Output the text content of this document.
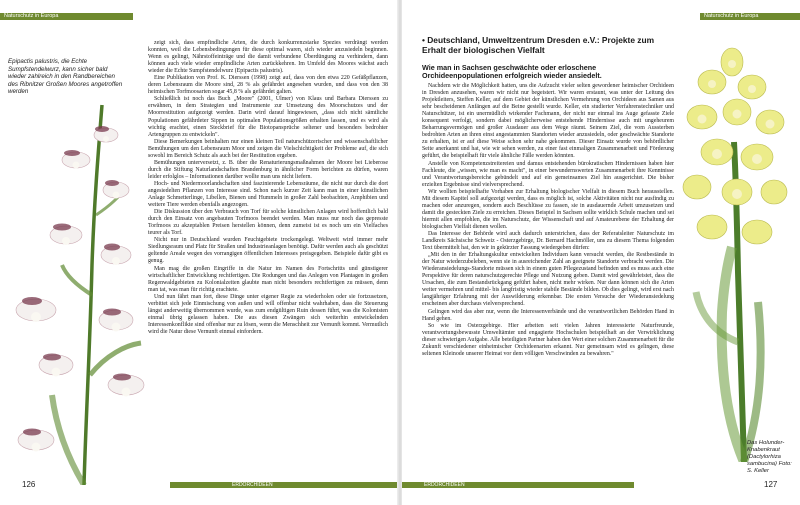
Naturschutz in Europa
Epipactis palustris, die Echte Sumpfstendelwurz, kann sicher bald wieder zahlreich in den Randbereichen des Ribnitzer Großen Moores angetroffen werden

zeigt sich, dass empfindliche Arten, die durch konkurrenzstarke Spezies verdrängt werden konnten, weil die Lebensbedingungen für diese optimal waren, sich wieder anzusiedeln beginnen. Wenn es gelingt, Nährstoffeinträge und die damit verbundene Überdüngung zu verhindern, dann können auch viele wieder empfindliche Arten zurückkehren. Im Umfeld des Moores wächst auch wieder die Echte Sumpfstendelwurz (Epipactis palustris).

Eine Publikation von Prof. K. Dierssen (1998) zeigt auf, dass von den etwa 220 Gefäßpflanzen, deren Lebensraum die Moore sind, 28 % als gefährdet angesehen wurden, und dass von den 38 heimischen Torfmoosarten sogar 45,8 % als gefährdet galten.

Schließlich ist noch das Buch „Moore" (2001, Ulmer) von Klaus und Barbara Dierssen zu erwähnen, in dem Strategien und Instrumente zur Umsetzung des Moorschutzes und der Moorrestitution aufgezeigt werden. Darin wird darauf hingewiesen, „dass sich nicht sämtliche Populationen gefährdeter Sippen in optimalen Populationsgrößen erhalten lassen, und es wird als wichtig erachtet, einen Steckbrief für die Biotopansprüche seltener und besonders bedrohter Artengruppen zu entwickeln".

Diese Bemerkungen beinhalten nur einen kleinen Teil naturschützerischer und wissenschaftlicher Bemühungen um den Lebensraum Moor und zeigen die Vielschichtigkeit der Probleme auf, die sich sowohl im Bereich Schutz als auch bei der Restitution ergeben.

Bemühungen unterversetzt, z. B. über die Renaturierungsmaßnahmen der Moore bei Lieberose durch die Stiftung Naturlandschaften Brandenburg in ähnlicher Form berichten zu dürfen, waren leider erfolglos – Informationen darüber wollte man uns nicht liefern.

Hoch- und Niedermoorlandschaften sind faszinierende Lebensräume, die nicht nur durch die dort angesiedelten Pflanzen von Interesse sind. Schon nach kurzer Zeit kann man in einer künstlichen Anlage Schmetterlinge, Libellen, Bienen und Hummeln in großer Zahl beobachten, Amphibien und weitere Tiere werden ebenfalls angezogen.

Die Diskussion über den Verbrauch von Torf für solche künstlichen Anlagen wird hoffentlich bald durch den Einsatz von angebauten Torfmoos beendet werden. Man muss nur noch das gepresste Torfmoos zu akzeptablen Preisen herstellen können, denn zumeist ist es noch um ein Vielfaches teurer als Torf.

Nicht nur in Deutschland wurden Feuchtgebiete trockengelegt. Weltweit wird immer mehr Siedlungsraum und Platz für Straßen und Industrieanlagen benötigt. Dafür werden auch als geschützt geltende Areale wegen des vorrangigen öffentlichen Interesses preisgegeben. Beispiele dafür gibt es genug.

Man mag die großen Eingriffe in die Natur im Namen des Fortschritts und günstigerer wirtschaftlicher Entwicklung rechtfertigen. Die Rodungen und das Anlegen von Plantagen in großen Regenwaldgebieten zu Kolonialzeiten glaubte man nicht besonders rechtfertigen zu müssen, denn man tat, was man für richtig erachtete.

Und nun fährt man fort, diese Dinge unter eigener Regie zu wiederholen oder sie fortzusetzen, verbittet sich jede Einmischung von außen und will offenbar nicht wahrhaben, dass die Steuerung längst anderweitig übernommen wurde, was zum endgültigen Ruin dessen führt, was die Kolonisten einmal übrig gelassen haben. Die aus diesen Zwängen sich weiterhin entwickelnden Interessenkonflikte sind offenbar nur zu lösen, wenn die Menschheit zur Vernunft kommt. Vermutlich wird die Natur diese Vernunft einmal einfordern.

126	ERDORCHIDEEN
Naturschutz in Europa
• Deutschland, Umweltzentrum Dresden e.V.: Projekte zum Erhalt der biologischen Vielfalt
Wie man in Sachsen geschwächte oder erloschene Orchideenpopulationen erfolgreich wieder ansiedelt.

Nachdem wir die Möglichkeit hatten, uns die Aufzucht vieler selten gewordener heimischer Orchideen in Dresden anzusehen, waren wir nicht nur begeistert. Wir waren erstaunt, was unter der Leitung des Projektleiters, Steffen Keller, auf dem Gebiet der künstlichen Vermehrung von Orchideen aus Samen aus sehr bescheidenen Anfängen auf die Beine gestellt wurde. Keller, ein studierter Verfahrenstechniker und Naturschützer, ist ein unermüdlich wirkender Fachmann, der nicht nur einmal ins Auge gefasste Ziele konsequent verfolgt, sondern dabei möglicherweise entstehende Hindernisse auch mit ungeheurem Beharrungsvermögen und großer Ausdauer aus dem Wege räumt. Seinem Ziel, die vom Aussterben bedrohten Arten an ihren einst angestammten Standorten wieder anzusiedeln, oder geschwächte Standorte zu erhalten, ist er auf diese Weise schon sehr nahe gekommen. Dieser Einsatz wurde von behördlicher Seite anerkannt und hat, wie wir sehen werden, zu einer fast einmaligen Zusammenarbeit und Förderung geführt, die beispielhaft für viele ähnliche Fälle werden könnten.

Anstelle von Kompetenzstreitereien und damus entstehenden bürokratischen Hindernissen haben hier Fachleute, die „wissen, wie man es macht", in einer bewundernswerten Zusammenarbeit ihre Kenntnisse und Verantwortungsbereiche gebündelt und auf ein gemeinsames Ziel hin ausgerichtet. Die bisher erzielten Ergebnisse sind vielversprechend.

Wir wollten beispielhafte Vorhaben zur Erhaltung biologischer Vielfalt in diesem Buch herausstellen. Mit diesem Kapitel soll aufgezeigt werden, dass es möglich ist, solche Aktivitäten nicht nur ausfindig zu machen oder anzuregen, sondern auch Beschlüsse zu fassen, sie in ausdauernde Arbeit umzusetzen und damit die gesteckten Ziele zu erreichen. Dieses Beispiel in Sachsen sollte wirklich Schule machen und sei hiermit allen empfohlen, die im Naturschutz, der Wissenschaft und auf Amateurebene der Erhaltung der biologischen Vielfalt dienen wollen.

Das Interesse der Behörde wird auch dadurch unterstrichen, dass der Referatsleiter Naturschutz im Landkreis Sächsische Schweiz - Osterzgebirge, Dr. Bernard Hachmöller, uns zu diesem Thema folgenden Text übermittelt hat, den wir in gekürzter Fassung wiedergeben dürfen:

„Mit den in der Erhaltungskultur entwickelten Individuen kann versucht werden, die Restbestände in der Natur wiederzubeleben, wenn sie in ausreichender Zahl an geeignete Standorte verbracht werden. Die Wiederansiedelungs-Standorte müssen sich in einem guten Pflegezustand befinden und es muss auch eine Perspektive für deren naturschutzgerechte Pflege und Nutzung geben. Damit wird gewährleistet, dass die Ursachen, die zum Bestandsrückgang geführt haben, nicht mehr wirken. Nur dann können sich die Arten weiter vermehren und mittel- bis langfristig wieder stabile Bestände bilden. Ob dies gelingt, wird erst nach langjähriger Erfahrung mit der Auswilderung erkennbar. Die ersten Versuche der Wiederansiedelung erscheinen aber durchaus vielversprechend.

Gelingen wird das aber nur, wenn die Interessenverbände und die verantwortlichen Behörden Hand in Hand gehen.

So wie im Osterzgebirge. Hier arbeiten seit vielen Jahren interessierte Naturfreunde, verantwortungsbewusste Umweltämter und engagierte Hochschulen beispielhaft an der Verwirklichung dieser schwierigen Aufgabe. Alle beteiligten Partner haben den Wert einer solchen Zusammenarbeit für die Zukunft verschiedener einheimischer Orchideenarten erkannt. Nur gemeinsam wird es gelingen, diese seltenen Kleinode unserer Heimat vor dem völligen Verschwinden zu bewahren."

Das Holunder-Knabenkraut (Dactylorhiza sambucina) Foto: S. Keller
ERDORCHIDEEN	127
